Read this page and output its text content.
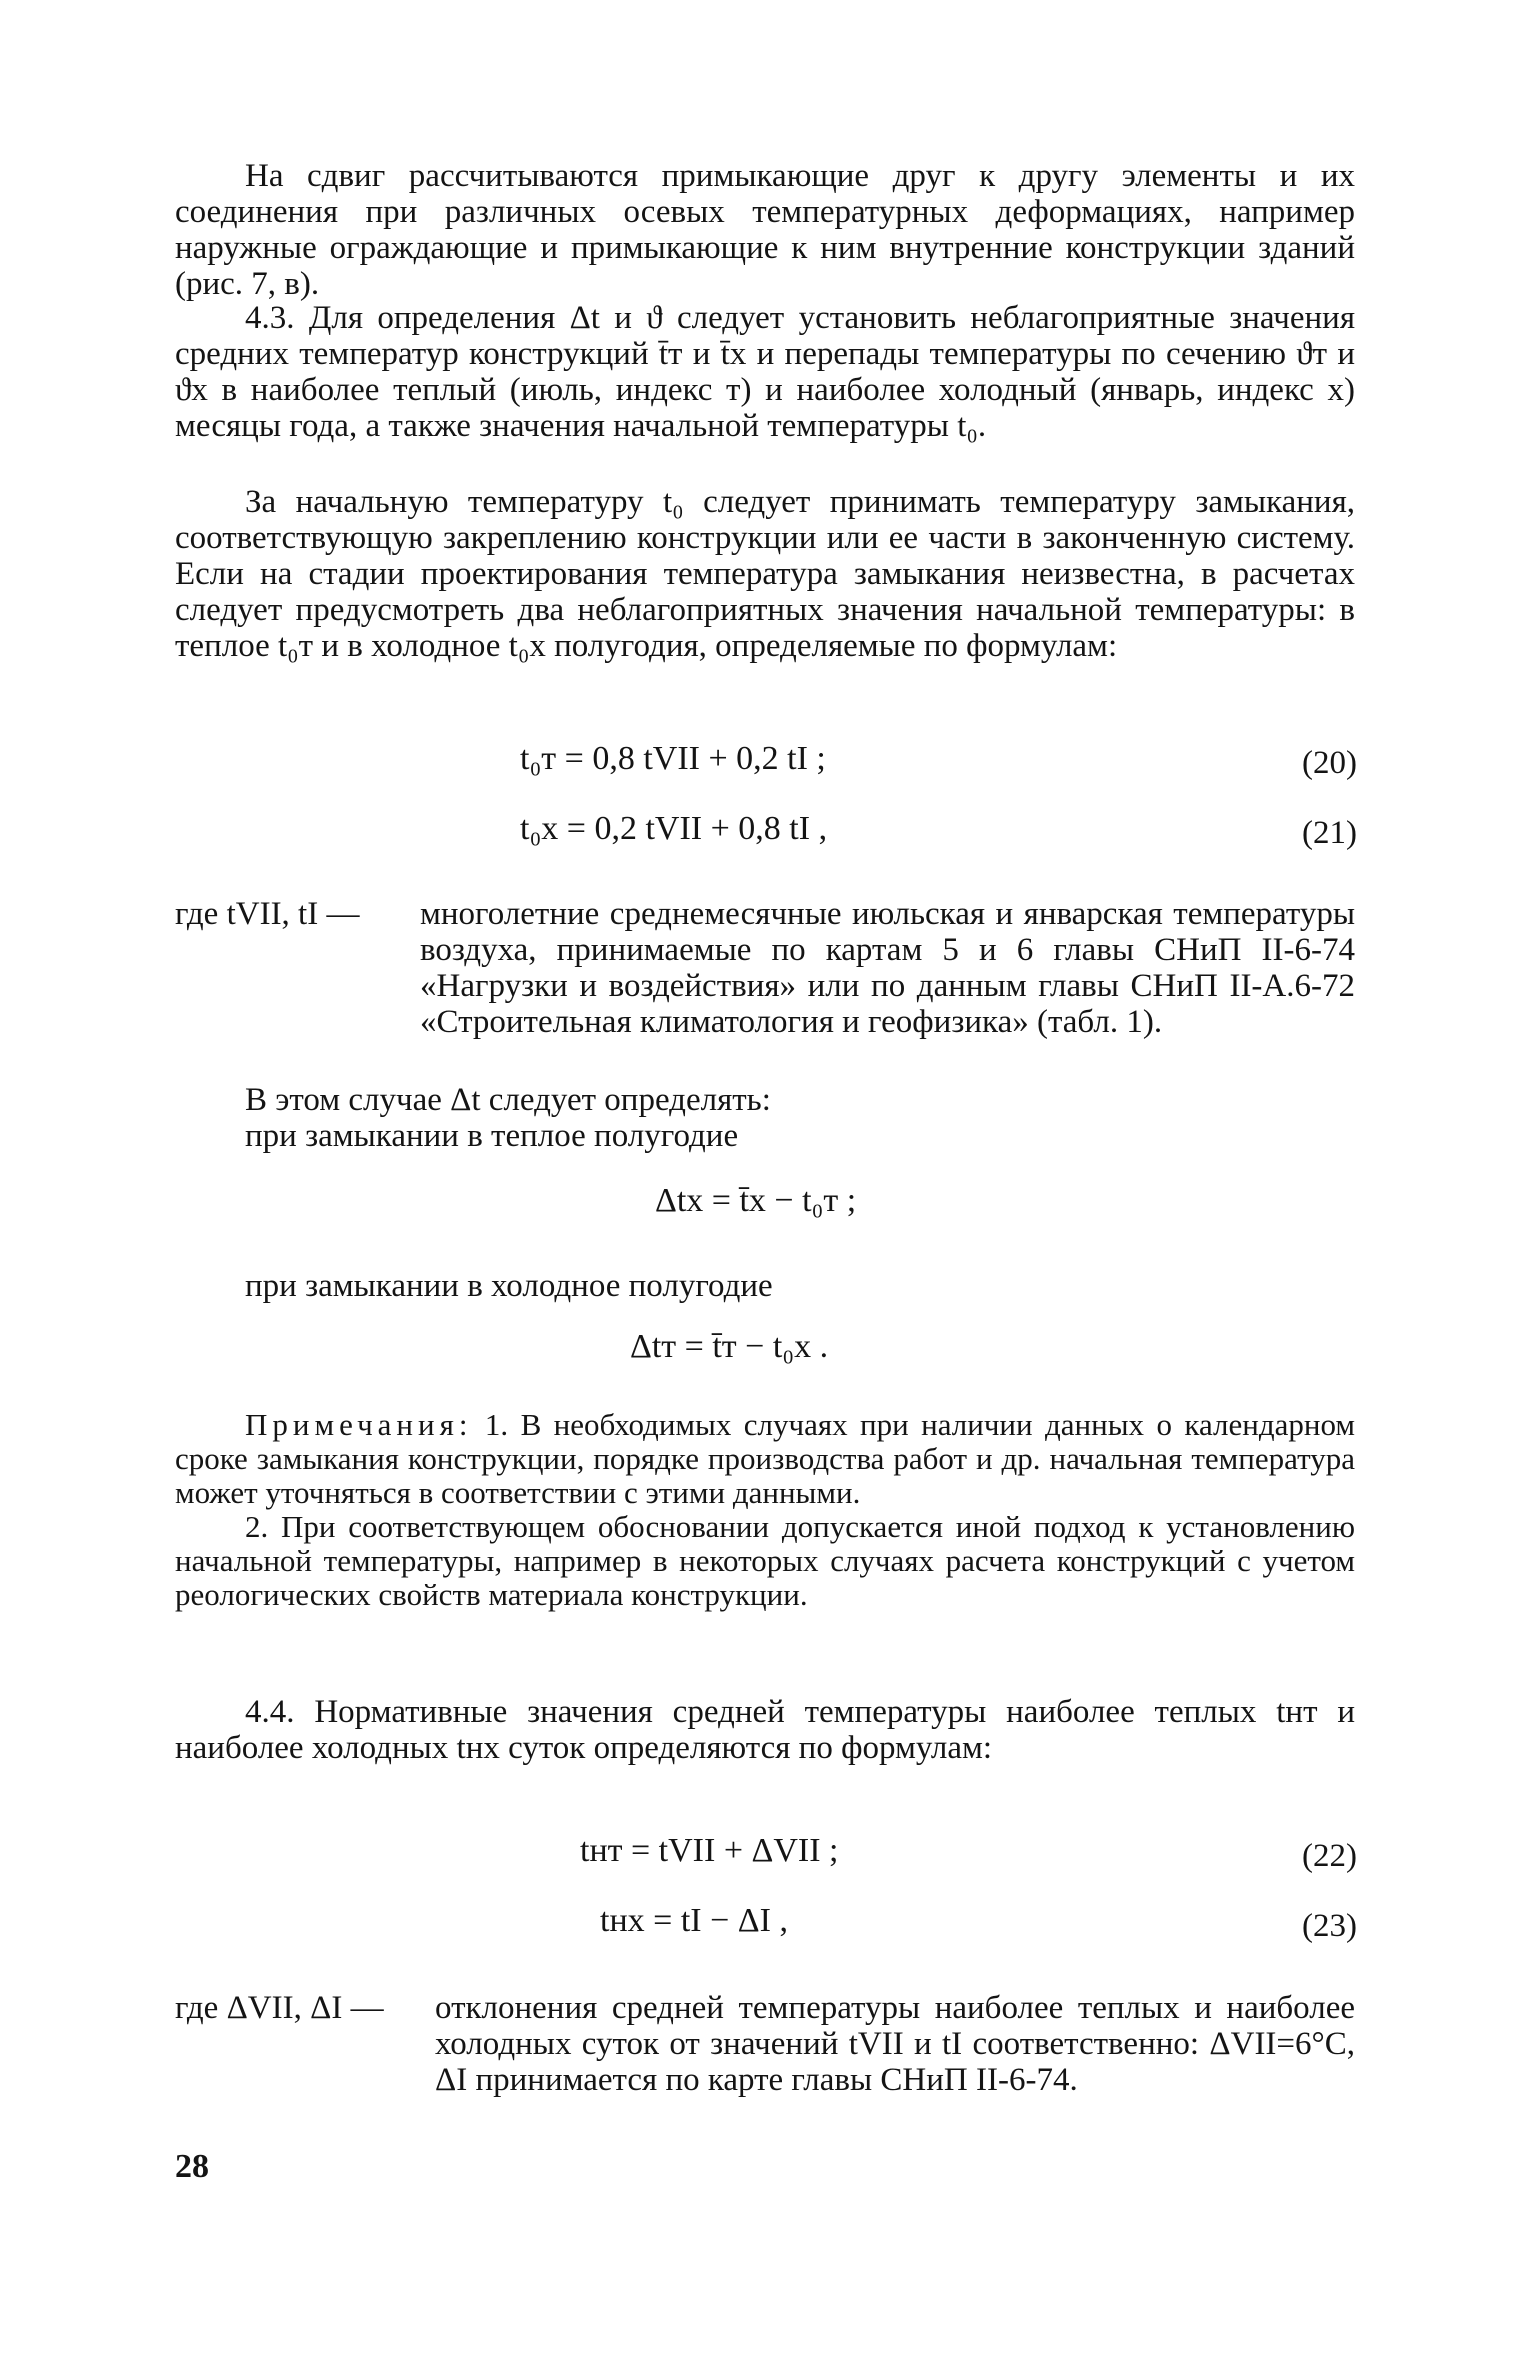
На сдвиг рассчитываются примыкающие друг к другу элементы и их соединения при различных осевых температурных деформациях, например наружные ограждающие и примыкающие к ним внутренние конструкции зданий (рис. 7, в).

4.3. Для определения Δt и ϑ следует установить неблагоприятные значения средних температур конструкций t̄т и t̄х и перепады температуры по сечению ϑт и ϑх в наиболее теплый (июль, индекс т) и наиболее холодный (январь, индекс х) месяцы года, а также значения начальной температуры t₀.

За начальную температуру t₀ следует принимать температуру замыкания, соответствующую закреплению конструкции или ее части в законченную систему. Если на стадии проектирования температура замыкания неизвестна, в расчетах следует предусмотреть два неблагоприятных значения начальной температуры: в теплое t₀т и в холодное t₀х полугодия, определяемые по формулам:

t₀т = 0,8 tVII + 0,2 tI ;	(20)
t₀х = 0,2 tVII + 0,8 tI ,	(21)
где tVII, tI — многолетние среднемесячные июльская и январская температуры воздуха, принимаемые по картам 5 и 6 главы СНиП II-6-74 «Нагрузки и воздействия» или по данным главы СНиП II-А.6-72 «Строительная климатология и геофизика» (табл. 1).

В этом случае Δt следует определять:

при замыкании в теплое полугодие

Δtх = t̄х − t₀т ;

при замыкании в холодное полугодие

Δtт = t̄т − t₀х .

Примечания: 1. В необходимых случаях при наличии данных о календарном сроке замыкания конструкции, порядке производства работ и др. начальная температура может уточняться в соответствии с этими данными.

2. При соответствующем обосновании допускается иной подход к установлению начальной температуры, например в некоторых случаях расчета конструкций с учетом реологических свойств материала конструкции.

4.4. Нормативные значения средней температуры наиболее теплых tнт и наиболее холодных tнх суток определяются по формулам:

tнт = tVII + ΔVII ;	(22)
tнх = tI − ΔI ,	(23)
где ΔVII, ΔI — отклонения средней температуры наиболее теплых и наиболее холодных суток от значений tVII и tI соответственно: ΔVII=6°С, ΔI принимается по карте главы СНиП II-6-74.

28
